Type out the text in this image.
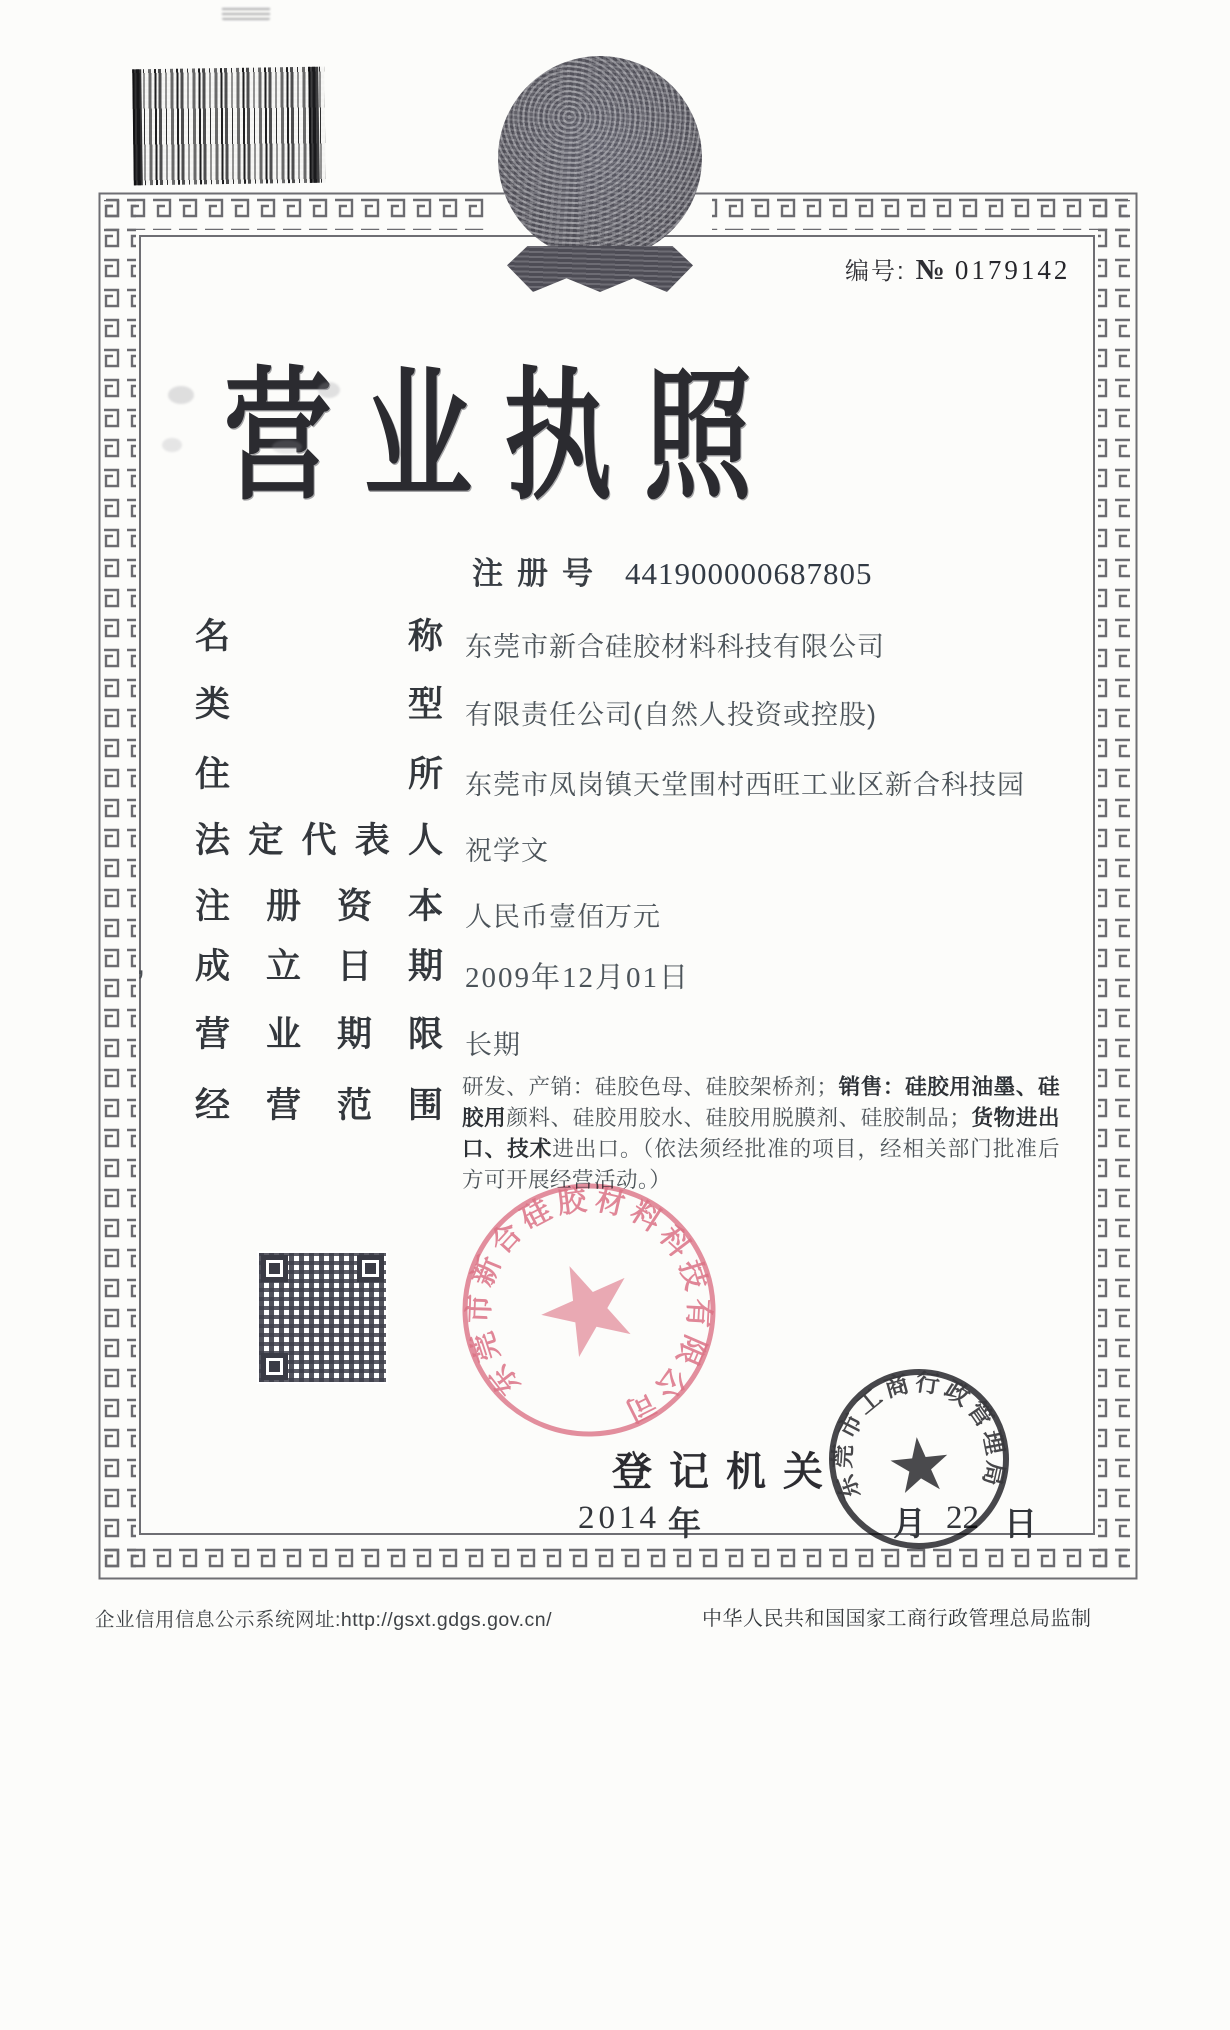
编号: № 0179142
营业执照
注册号 441900000687805
名称 东莞市新合硅胶材料科技有限公司
类型 有限责任公司(自然人投资或控股)
住所 东莞市凤岗镇天堂围村西旺工业区新合科技园
法定代表人 祝学文
注册资本 人民币壹佰万元
成立日期 2009年12月01日
营业期限 长期
经营范围 研发、产销：硅胶色母、硅胶架桥剂；销售：硅胶用油墨、硅胶用颜料、硅胶用胶水、硅胶用脱膜剂、硅胶制品；货物进出口、技术进出口。（依法须经批准的项目，经相关部门批准后方可开展经营活动。）
东莞市新合硅胶材料科技有限公司
登记机关
2014 年	月 22 日
东莞市工商行政管理局
企业信用信息公示系统网址:http://gsxt.gdgs.gov.cn/	中华人民共和国国家工商行政管理总局监制
,
